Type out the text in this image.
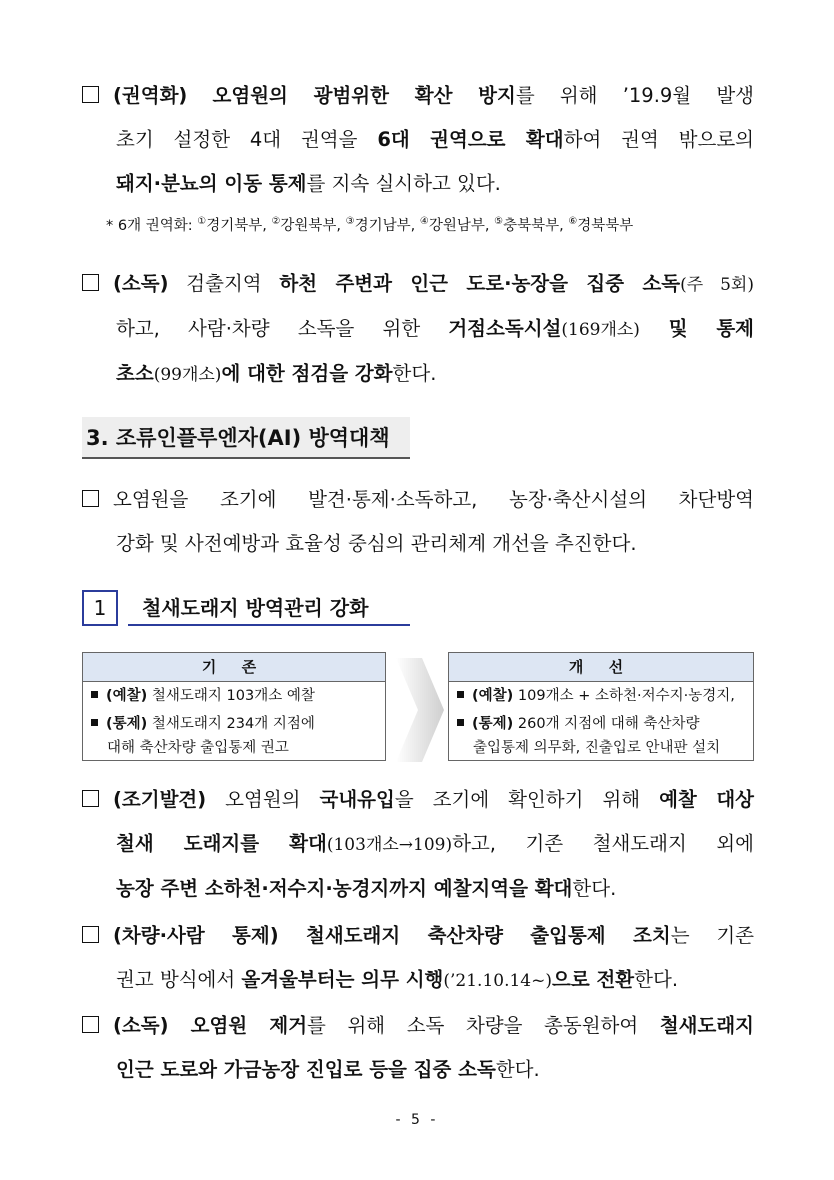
(권역화) 오염원의 광범위한 확산 방지를 위해 ’19.9월 발생
초기 설정한 4대 권역을 6대 권역으로 확대하여 권역 밖으로의
돼지·분뇨의 이동 통제를 지속 실시하고 있다.
* 6개 권역화: ①경기북부, ②강원북부, ③경기남부, ④강원남부, ⑤충북북부, ⑥경북북부
(소독) 검출지역 하천 주변과 인근 도로·농장을 집중 소독(주 5회)
하고, 사람·차량 소독을 위한 거점소독시설(169개소) 및 통제
초소(99개소)에 대한 점검을 강화한다.
3. 조류인플루엔자(AI) 방역대책
오염원을 조기에 발견·통제·소독하고, 농장·축산시설의 차단방역
강화 및 사전예방과 효율성 중심의 관리체계 개선을 추진한다.
1	철새도래지 방역관리 강화
기 존
(예찰) 철새도래지 103개소 예찰
(통제) 철새도래지 234개 지점에
대해 축산차량 출입통제 권고
개 선
(예찰) 109개소 + 소하천·저수지·농경지,
(통제) 260개 지점에 대해 축산차량
출입통제 의무화, 진출입로 안내판 설치
(조기발견) 오염원의 국내유입을 조기에 확인하기 위해 예찰 대상
철새 도래지를 확대(103개소→109)하고, 기존 철새도래지 외에
농장 주변 소하천·저수지·농경지까지 예찰지역을 확대한다.
(차량·사람 통제) 철새도래지 축산차량 출입통제 조치는 기존
권고 방식에서 올겨울부터는 의무 시행(’21.10.14~)으로 전환한다.
(소독) 오염원 제거를 위해 소독 차량을 총동원하여 철새도래지
인근 도로와 가금농장 진입로 등을 집중 소독한다.
- 5 -
